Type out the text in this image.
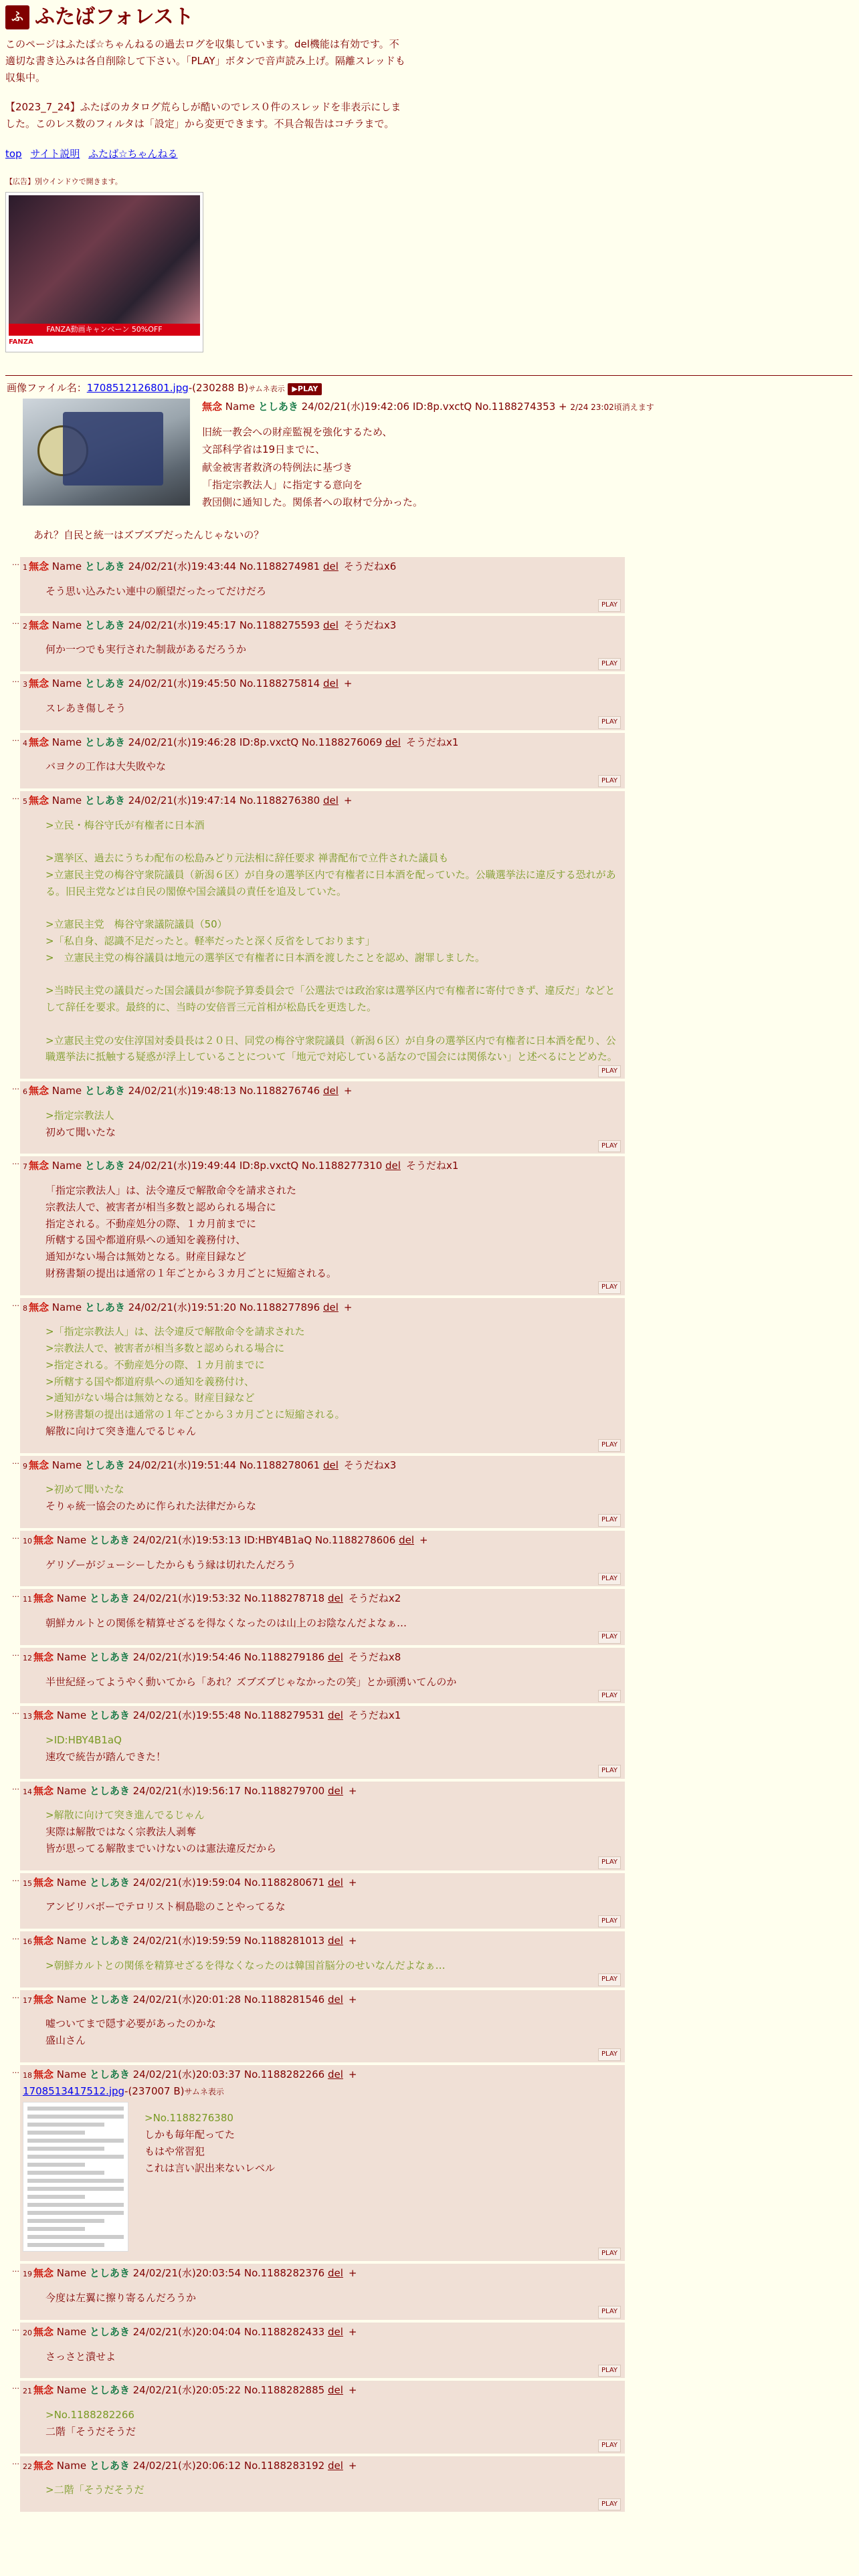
ふ ふたばフォレスト

このページはふたば☆ちゃんねるの過去ログを収集しています。del機能は有効です。不適切な書き込みは各自削除して下さい。「PLAY」ボタンで音声読み上げ。隔離スレッドも収集中。

【2023_7_24】ふたばのカタログ荒らしが酷いのでレス０件のスレッドを非表示にしました。このレス数のフィルタは「設定」から変更できます。不具合報告はコチラまで。

top サイト説明 ふたば☆ちゃんねる
【広告】別ウインドウで開きます。
FANZA動画キャンペーン 50%OFF
FANZA
画像ファイル名：1708512126801.jpg-(230288 B)サムネ表示 ▶PLAY
無念 Name としあき 24/02/21(水)19:42:06 ID:8p.vxctQ No.1188274353 + 2/24 23:02頃消えます
旧統一教会への財産監視を強化するため、
文部科学省は19日までに、
献金被害者救済の特例法に基づき
「指定宗教法人」に指定する意向を
教団側に通知した。関係者への取材で分かった。
あれ？自民と統一はズブズブだったんじゃないの？
…
1 無念 Name としあき 24/02/21(水)19:43:44 No.1188274981 del そうだねx6
そう思い込みたい連中の願望だったってだけだろ
PLAY
…
2 無念 Name としあき 24/02/21(水)19:45:17 No.1188275593 del そうだねx3
何か一つでも実行された制裁があるだろうか
PLAY
…
3 無念 Name としあき 24/02/21(水)19:45:50 No.1188275814 del +
スレあき傷しそう
PLAY
…
4 無念 Name としあき 24/02/21(水)19:46:28 ID:8p.vxctQ No.1188276069 del そうだねx1
バヨクの工作は大失敗やな
PLAY
…
5 無念 Name としあき 24/02/21(水)19:47:14 No.1188276380 del +
>立民・梅谷守氏が有権者に日本酒

>選挙区、過去にうちわ配布の松島みどり元法相に辞任要求 禅書配布で立件された議員も
>立憲民主党の梅谷守衆院議員（新潟６区）が自身の選挙区内で有権者に日本酒を配っていた。公職選挙法に違反する恐れがある。旧民主党などは自民の閣僚や国会議員の責任を追及していた。

>立憲民主党　梅谷守衆議院議員（50）
>「私自身、認識不足だったと。軽率だったと深く反省をしております」
>　立憲民主党の梅谷議員は地元の選挙区で有権者に日本酒を渡したことを認め、謝罪しました。

>当時民主党の議員だった国会議員が参院予算委員会で「公選法では政治家は選挙区内で有権者に寄付できず、違反だ」などとして辞任を要求。最終的に、当時の安倍晋三元首相が松島氏を更迭した。

>立憲民主党の安住淳国対委員長は２０日、同党の梅谷守衆院議員（新潟６区）が自身の選挙区内で有権者に日本酒を配り、公職選挙法に抵触する疑惑が浮上していることについて「地元で対応している話なので国会には関係ない」と述べるにとどめた。
PLAY
…
6 無念 Name としあき 24/02/21(水)19:48:13 No.1188276746 del +
>指定宗教法人
初めて聞いたな
PLAY
…
7 無念 Name としあき 24/02/21(水)19:49:44 ID:8p.vxctQ No.1188277310 del そうだねx1
「指定宗教法人」は、法令違反で解散命令を請求された
宗教法人で、被害者が相当多数と認められる場合に
指定される。不動産処分の際、１カ月前までに
所轄する国や都道府県への通知を義務付け、
通知がない場合は無効となる。財産目録など
財務書類の提出は通常の１年ごとから３カ月ごとに短縮される。
PLAY
…
8 無念 Name としあき 24/02/21(水)19:51:20 No.1188277896 del +
>「指定宗教法人」は、法令違反で解散命令を請求された
>宗教法人で、被害者が相当多数と認められる場合に
>指定される。不動産処分の際、１カ月前までに
>所轄する国や都道府県への通知を義務付け、
>通知がない場合は無効となる。財産目録など
>財務書類の提出は通常の１年ごとから３カ月ごとに短縮される。
解散に向けて突き進んでるじゃん
PLAY
…
9 無念 Name としあき 24/02/21(水)19:51:44 No.1188278061 del そうだねx3
>初めて聞いたな
そりゃ統一協会のために作られた法律だからな
PLAY
…
10 無念 Name としあき 24/02/21(水)19:53:13 ID:HBY4B1aQ No.1188278606 del +
ゲリゾーがジューシーしたからもう縁は切れたんだろう
PLAY
…
11 無念 Name としあき 24/02/21(水)19:53:32 No.1188278718 del そうだねx2
朝鮮カルトとの関係を精算せざるを得なくなったのは山上のお陰なんだよなぁ…
PLAY
…
12 無念 Name としあき 24/02/21(水)19:54:46 No.1188279186 del そうだねx8
半世紀経ってようやく動いてから「あれ？ズブズブじゃなかったの笑」とか頭湧いてんのか
PLAY
…
13 無念 Name としあき 24/02/21(水)19:55:48 No.1188279531 del そうだねx1
>ID:HBY4B1aQ
速攻で統告が踏んできた！
PLAY
…
14 無念 Name としあき 24/02/21(水)19:56:17 No.1188279700 del +
>解散に向けて突き進んでるじゃん
実際は解散ではなく宗教法人剥奪
皆が思ってる解散までいけないのは憲法違反だから
PLAY
…
15 無念 Name としあき 24/02/21(水)19:59:04 No.1188280671 del +
アンビリバボーでテロリスト桐島聡のことやってるな
PLAY
…
16 無念 Name としあき 24/02/21(水)19:59:59 No.1188281013 del +
>朝鮮カルトとの関係を精算せざるを得なくなったのは韓国首脳分のせいなんだよなぁ…
PLAY
…
17 無念 Name としあき 24/02/21(水)20:01:28 No.1188281546 del +
嘘ついてまで隠す必要があったのかな
盛山さん
PLAY
…
18 無念 Name としあき 24/02/21(水)20:03:37 No.1188282266 del +
1708513417512.jpg-(237007 B)サムネ表示
>No.1188276380
しかも毎年配ってた
もはや常習犯
これは言い訳出来ないレベル
PLAY
…
19 無念 Name としあき 24/02/21(水)20:03:54 No.1188282376 del +
今度は左翼に擦り寄るんだろうか
PLAY
…
20 無念 Name としあき 24/02/21(水)20:04:04 No.1188282433 del +
さっさと潰せよ
PLAY
…
21 無念 Name としあき 24/02/21(水)20:05:22 No.1188282885 del +
>No.1188282266
二階「そうだそうだ
PLAY
…
22 無念 Name としあき 24/02/21(水)20:06:12 No.1188283192 del +
>二階「そうだそうだ
PLAY
